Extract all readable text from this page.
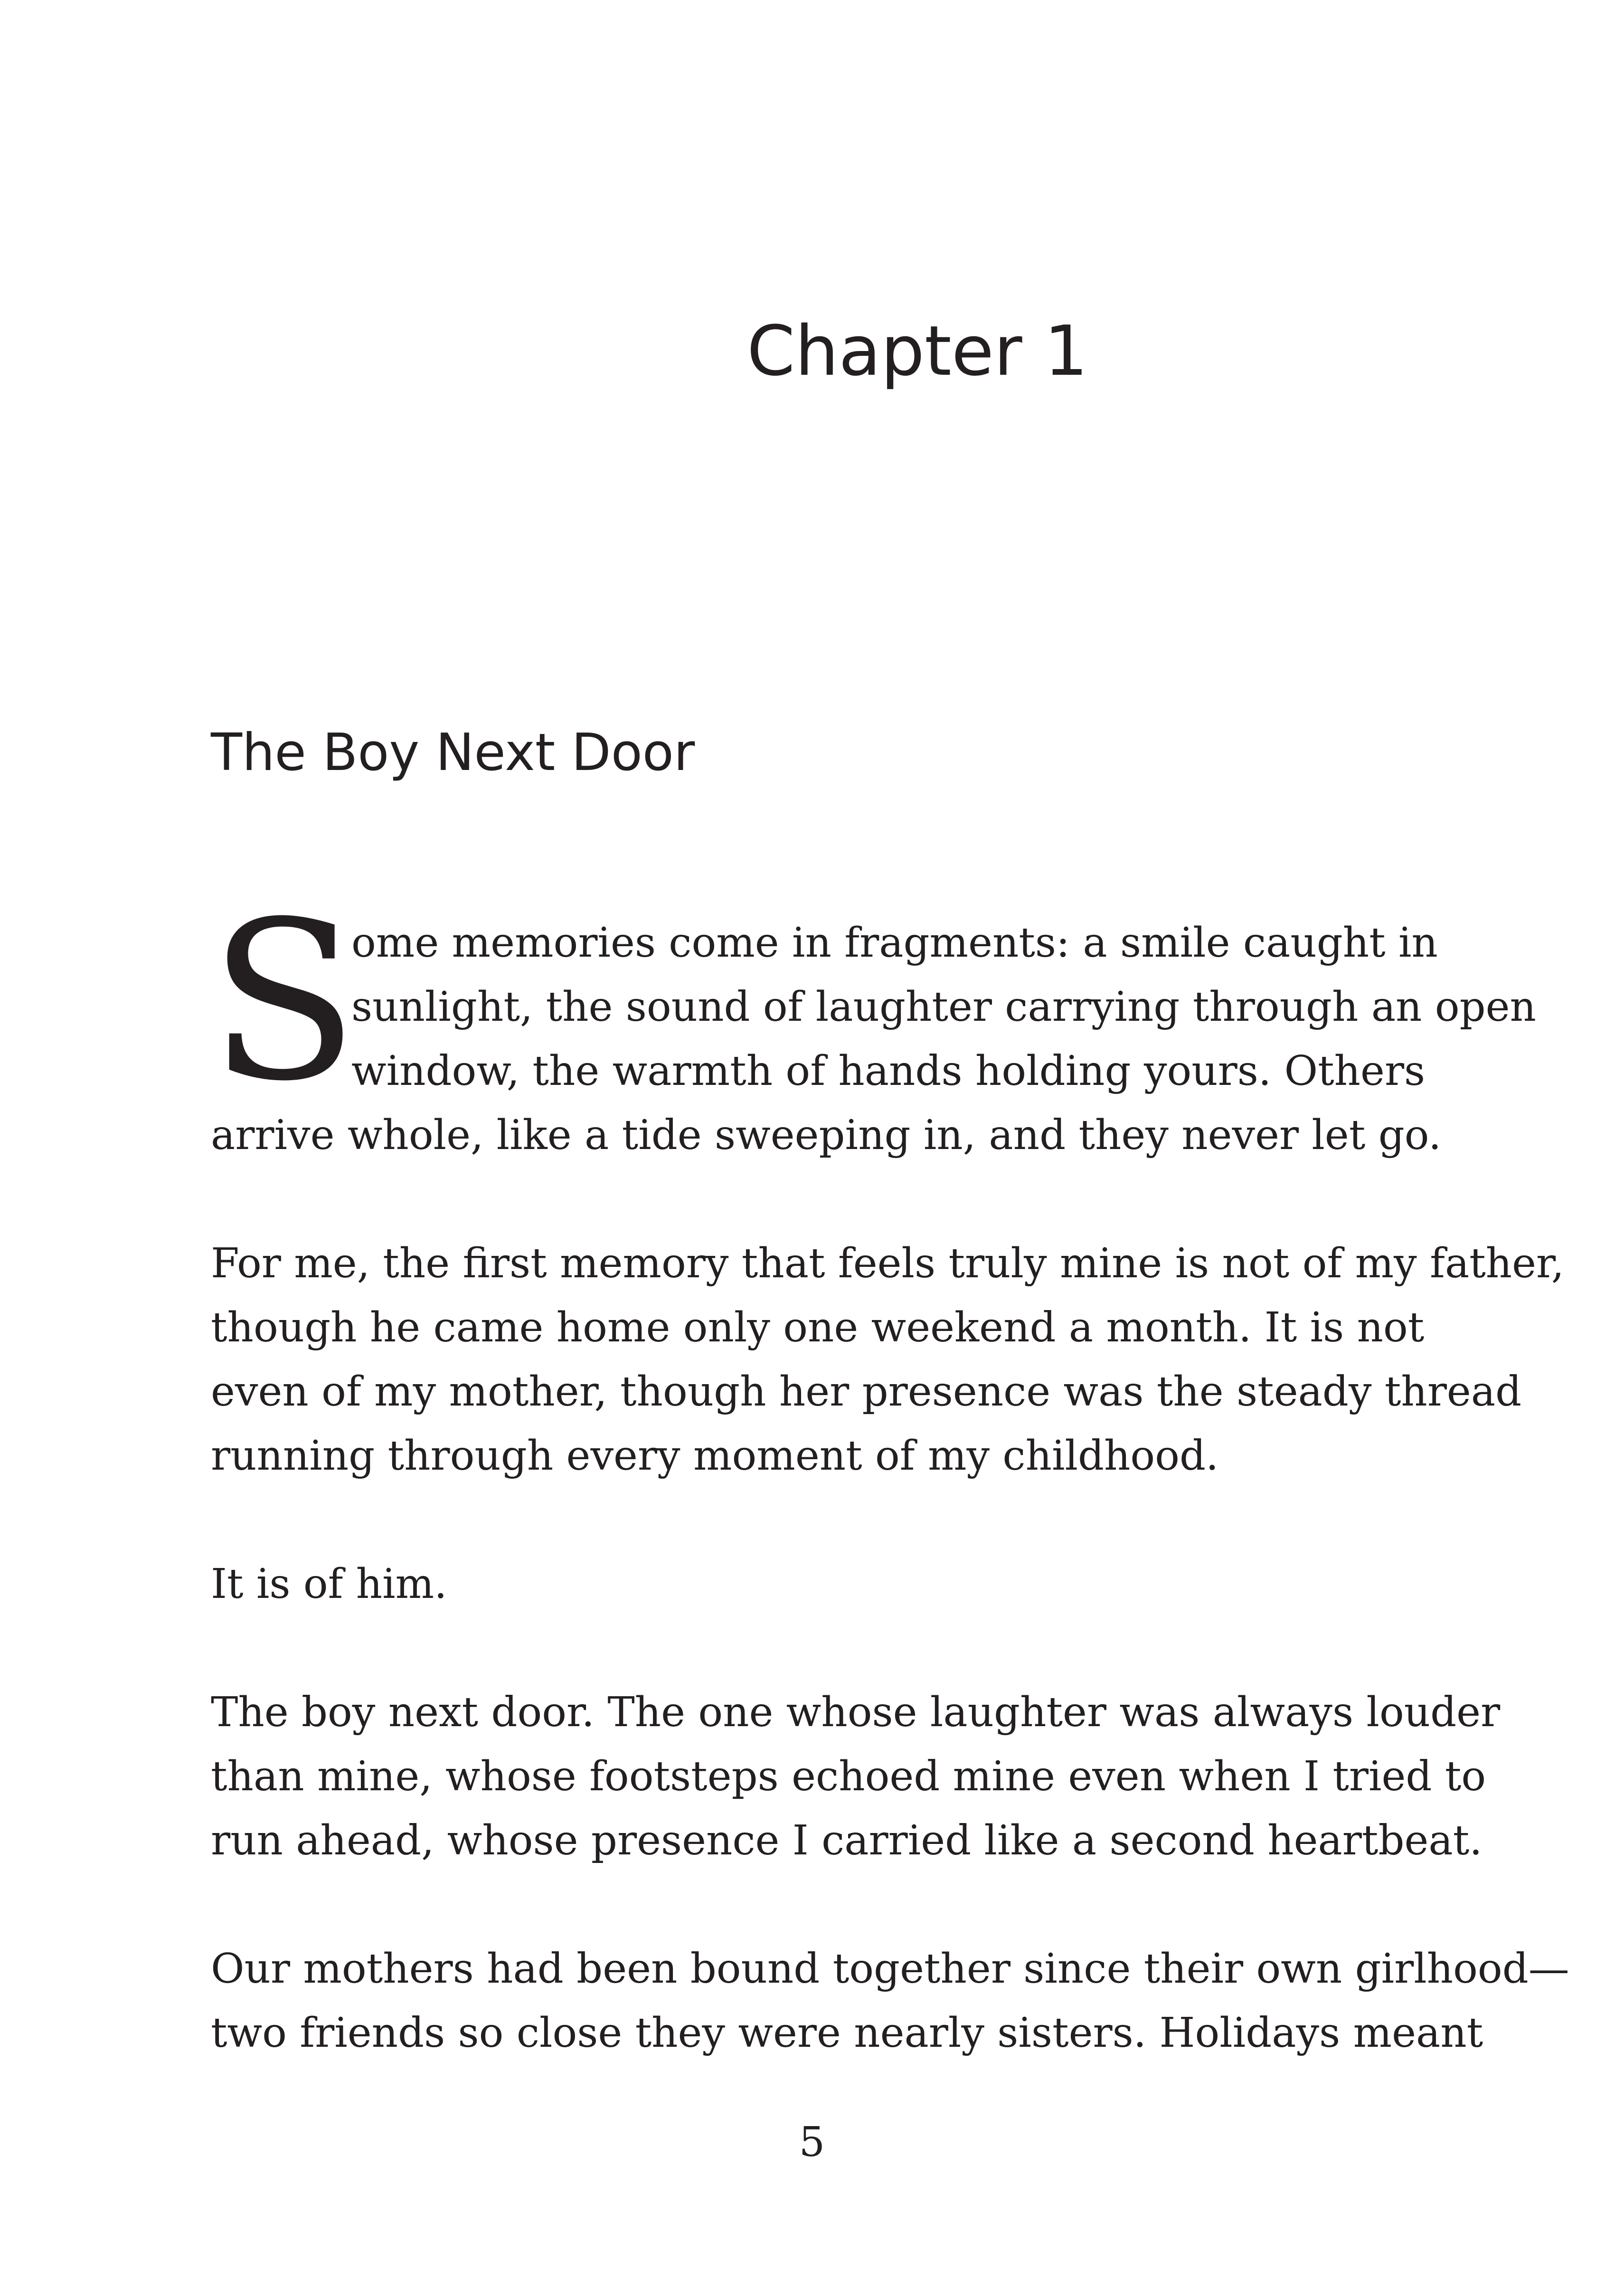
Chapter 1
The Boy Next Door
S

ome memories come in fragments: a smile caught in

sunlight, the sound of laughter carrying through an open

window, the warmth of hands holding yours. Others

arrive whole, like a tide sweeping in, and they never let go.

For me, the first memory that feels truly mine is not of my father,

though he came home only one weekend a month. It is not

even of my mother, though her presence was the steady thread

running through every moment of my childhood.

It is of him.

The boy next door. The one whose laughter was always louder

than mine, whose footsteps echoed mine even when I tried to

run ahead, whose presence I carried like a second heartbeat.

Our mothers had been bound together since their own girlhood—

two friends so close they were nearly sisters. Holidays meant

5
